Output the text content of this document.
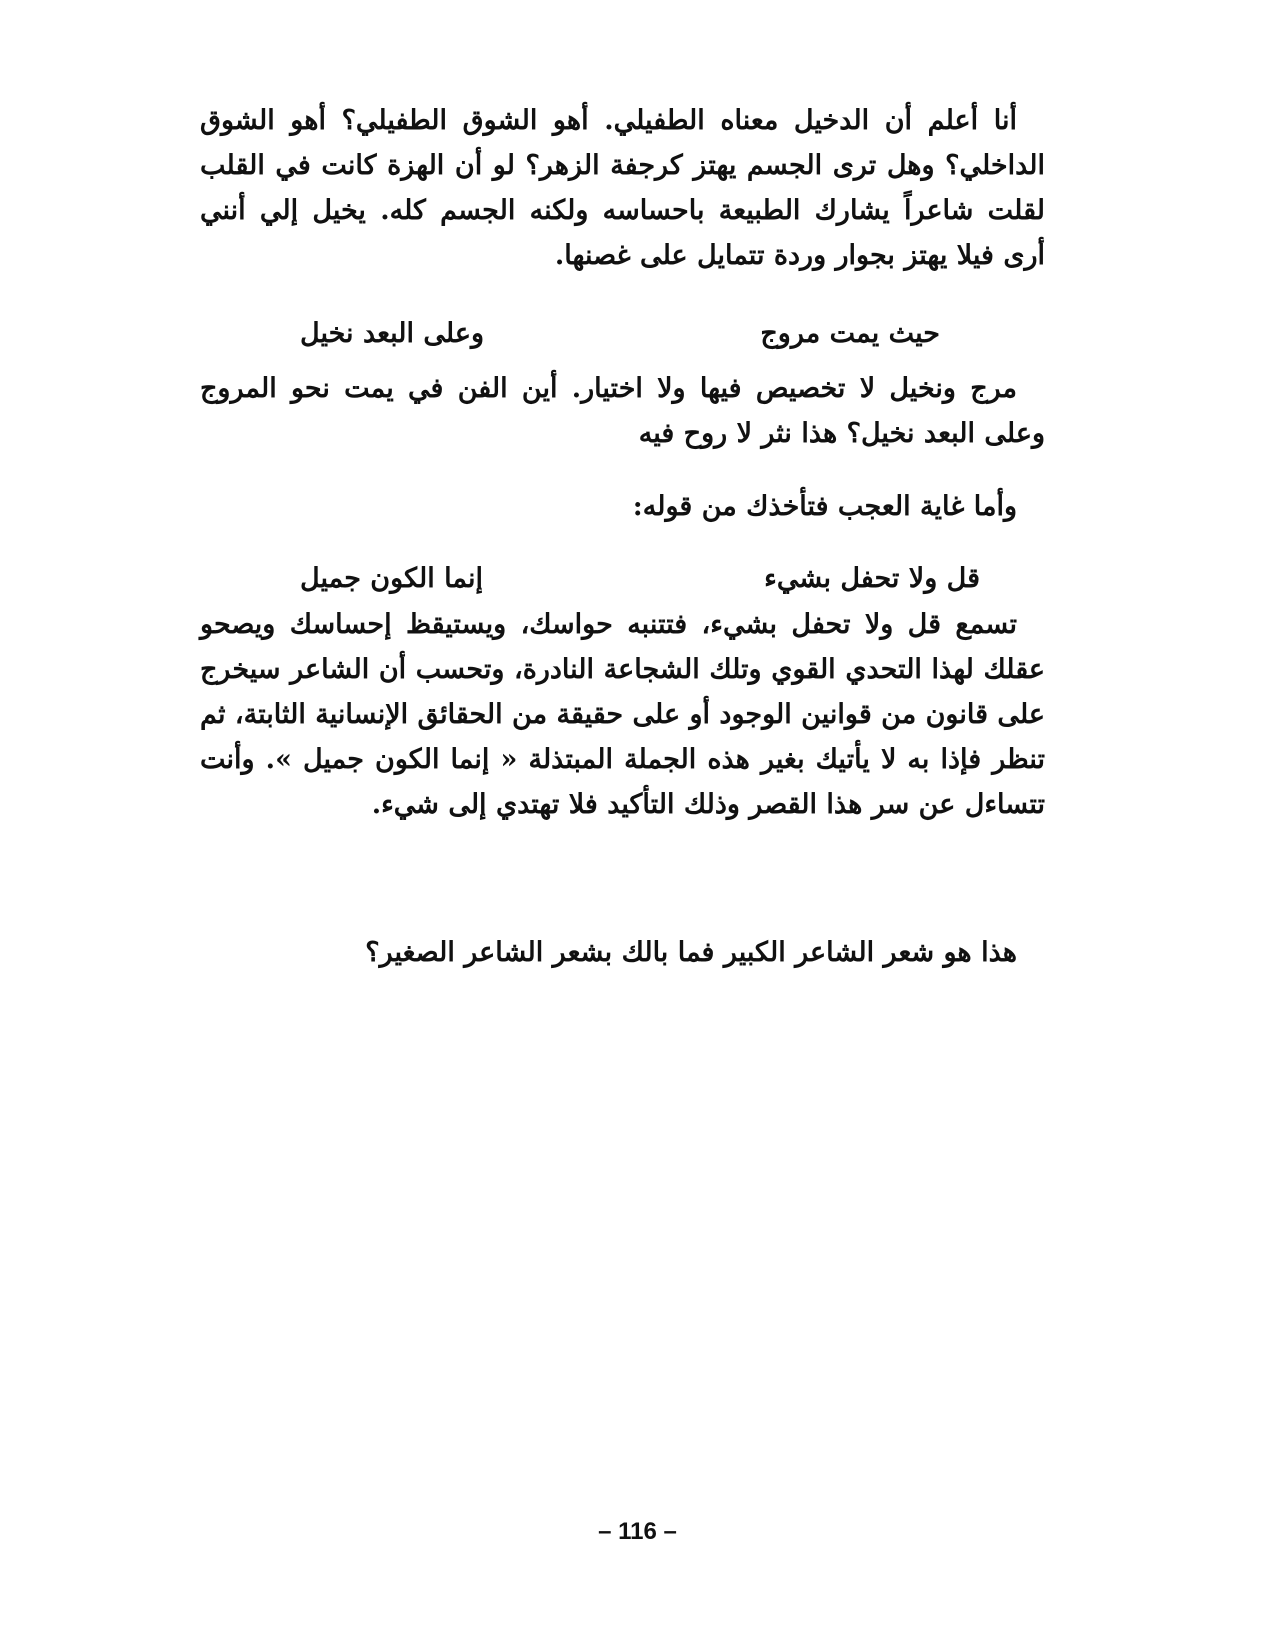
أنا أعلم أن الدخيل معناه الطفيلي. أهو الشوق الطفيلي؟ أهو الشوق الداخلي؟ وهل ترى الجسم يهتز كرجفة الزهر؟ لو أن الهزة كانت في القلب لقلت شاعراً يشارك الطبيعة باحساسه ولكنه الجسم كله. يخيل إلي أنني أرى فيلا يهتز بجوار وردة تتمايل على غصنها.

حيث يمت مروج
وعلى البعد نخيل

مرج ونخيل لا تخصيص فيها ولا اختيار. أين الفن في يمت نحو المروج وعلى البعد نخيل؟ هذا نثر لا روح فيه

وأما غاية العجب فتأخذك من قوله:

قل ولا تحفل بشيء
إنما الكون جميل

تسمع قل ولا تحفل بشيء، فتتنبه حواسك، ويستيقظ إحساسك ويصحو عقلك لهذا التحدي القوي وتلك الشجاعة النادرة، وتحسب أن الشاعر سيخرج على قانون من قوانين الوجود أو على حقيقة من الحقائق الإنسانية الثابتة، ثم تنظر فإذا به لا يأتيك بغير هذه الجملة المبتذلة « إنما الكون جميل ». وأنت تتساءل عن سر هذا القصر وذلك التأكيد فلا تهتدي إلى شيء.

هذا هو شعر الشاعر الكبير فما بالك بشعر الشاعر الصغير؟

– 116 –
